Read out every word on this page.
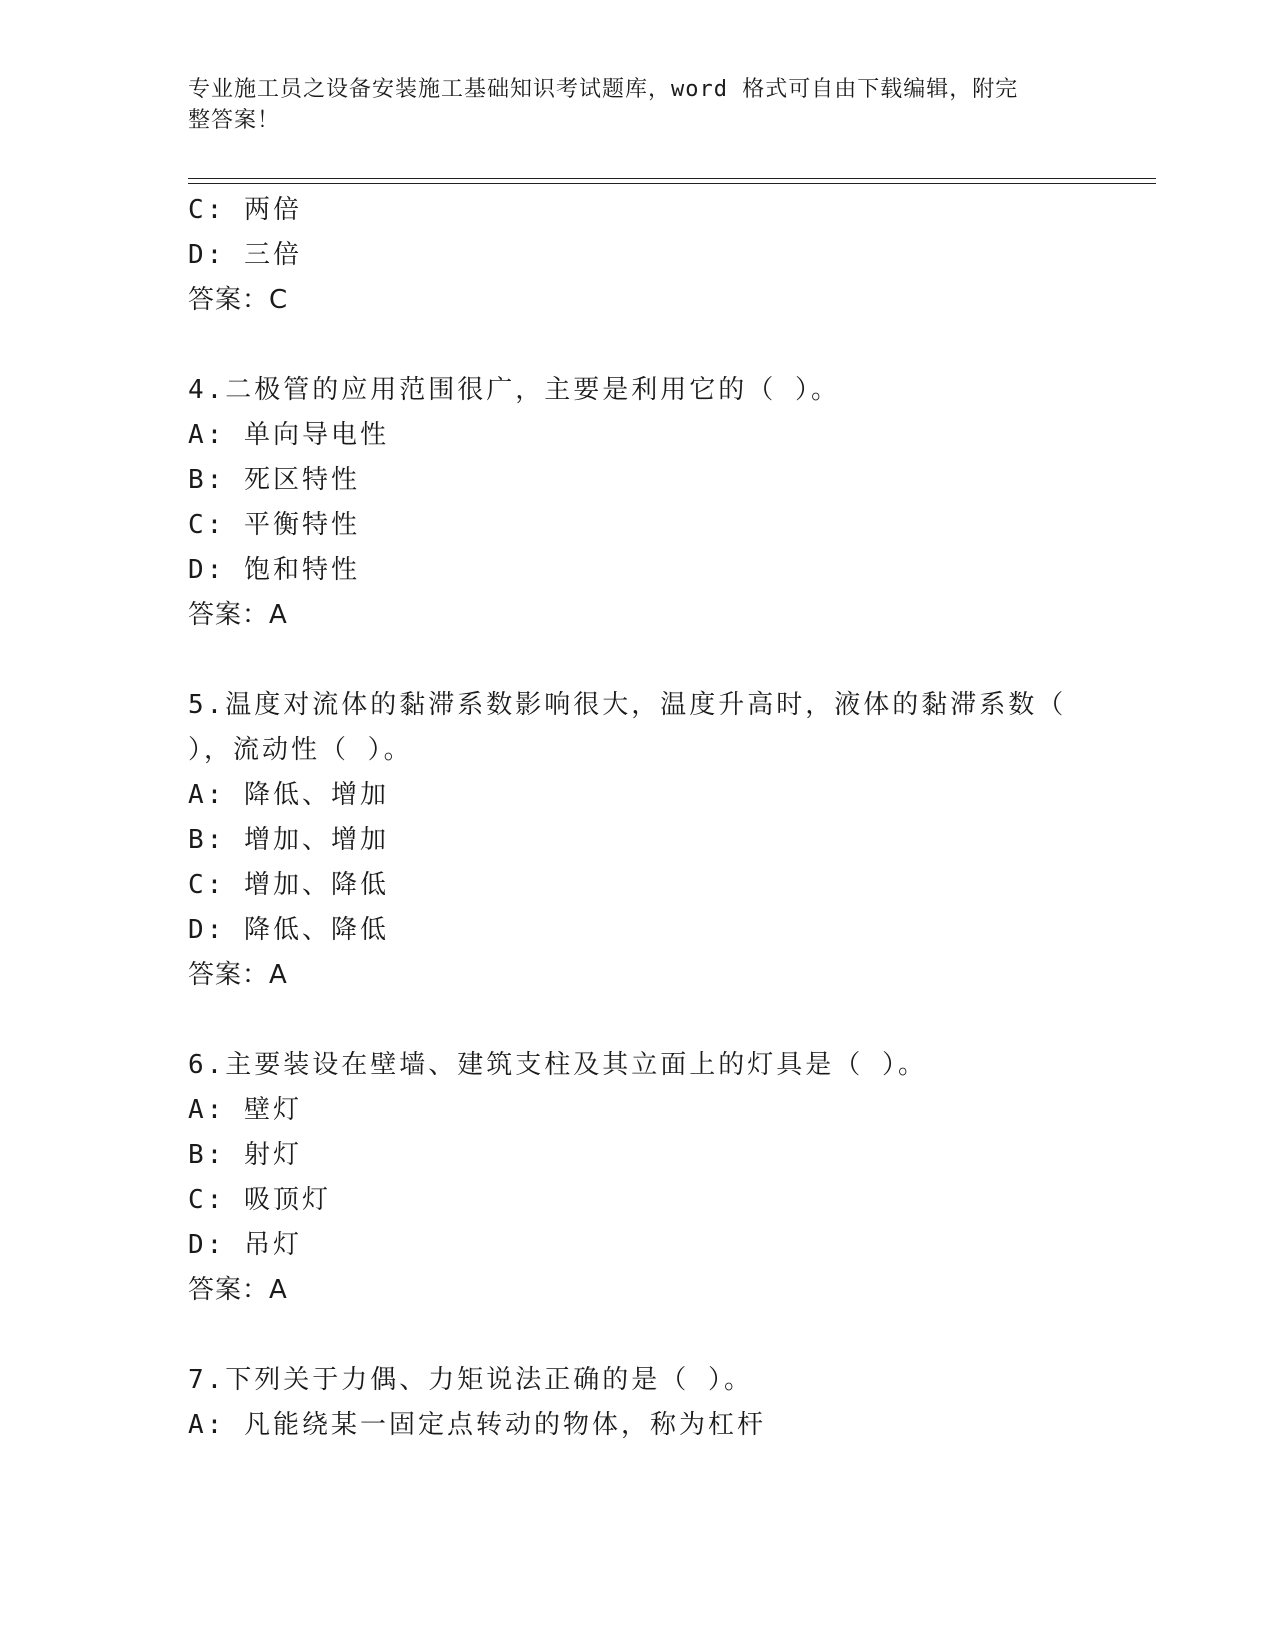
专业施工员之设备安装施工基础知识考试题库，word 格式可自由下载编辑，附完
整答案！
C: 两倍
D: 三倍
答案：C
4.二极管的应用范围很广，主要是利用它的（ ）。
A: 单向导电性
B: 死区特性
C: 平衡特性
D: 饱和特性
答案：A
5.温度对流体的黏滞系数影响很大，温度升高时，液体的黏滞系数（
），流动性（ ）。
A: 降低、增加
B: 增加、增加
C: 增加、降低
D: 降低、降低
答案：A
6.主要装设在壁墙、建筑支柱及其立面上的灯具是（ ）。
A: 壁灯
B: 射灯
C: 吸顶灯
D: 吊灯
答案：A
7.下列关于力偶、力矩说法正确的是（ ）。
A: 凡能绕某一固定点转动的物体，称为杠杆
